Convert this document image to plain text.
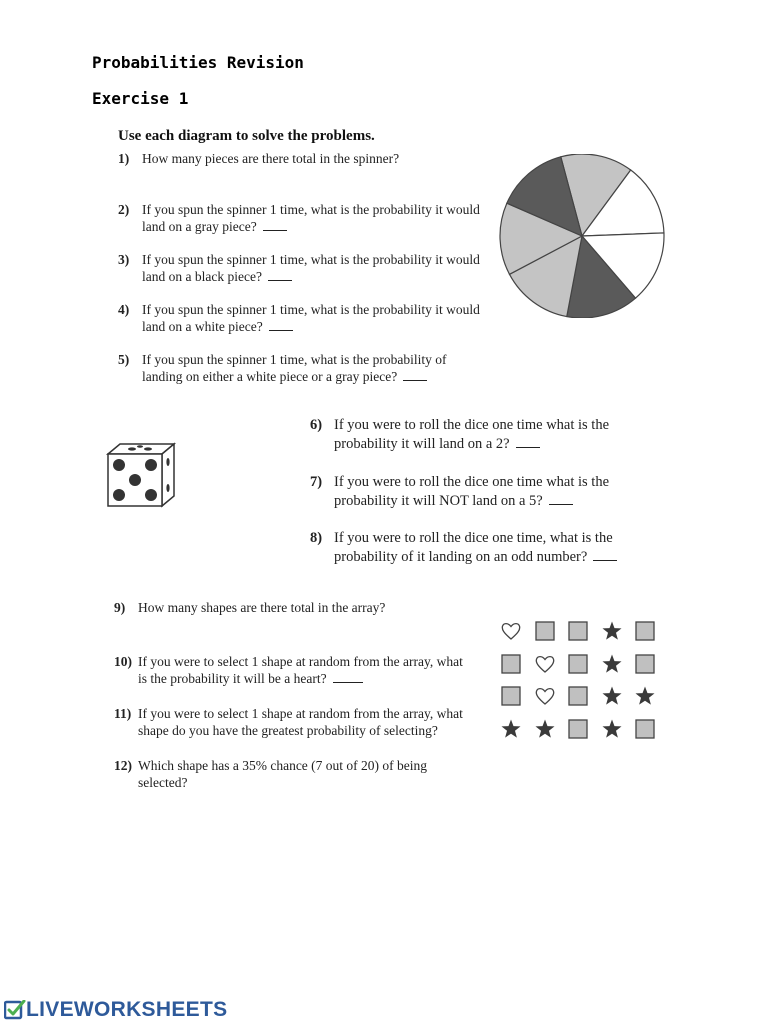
Probabilities Revision
Exercise 1
Use each diagram to solve the problems.
1) How many pieces are there total in the spinner?
2) If you spun the spinner 1 time, what is the probability it would land on a gray piece?
3) If you spun the spinner 1 time, what is the probability it would land on a black piece?
4) If you spun the spinner 1 time, what is the probability it would land on a white piece?
5) If you spun the spinner 1 time, what is the probability of landing on either a white piece or a gray piece?
6) If you were to roll the dice one time what is the probability it will land on a 2?
7) If you were to roll the dice one time what is the probability it will NOT land on a 5?
8) If you were to roll the dice one time, what is the probability of it landing on an odd number?
9) How many shapes are there total in the array?
10) If you were to select 1 shape at random from the array, what is the probability it will be a heart?
11) If you were to select 1 shape at random from the array, what shape do you have the greatest probability of selecting?
12) Which shape has a 35% chance (7 out of 20) of being selected?
LIVEWORKSHEETS
